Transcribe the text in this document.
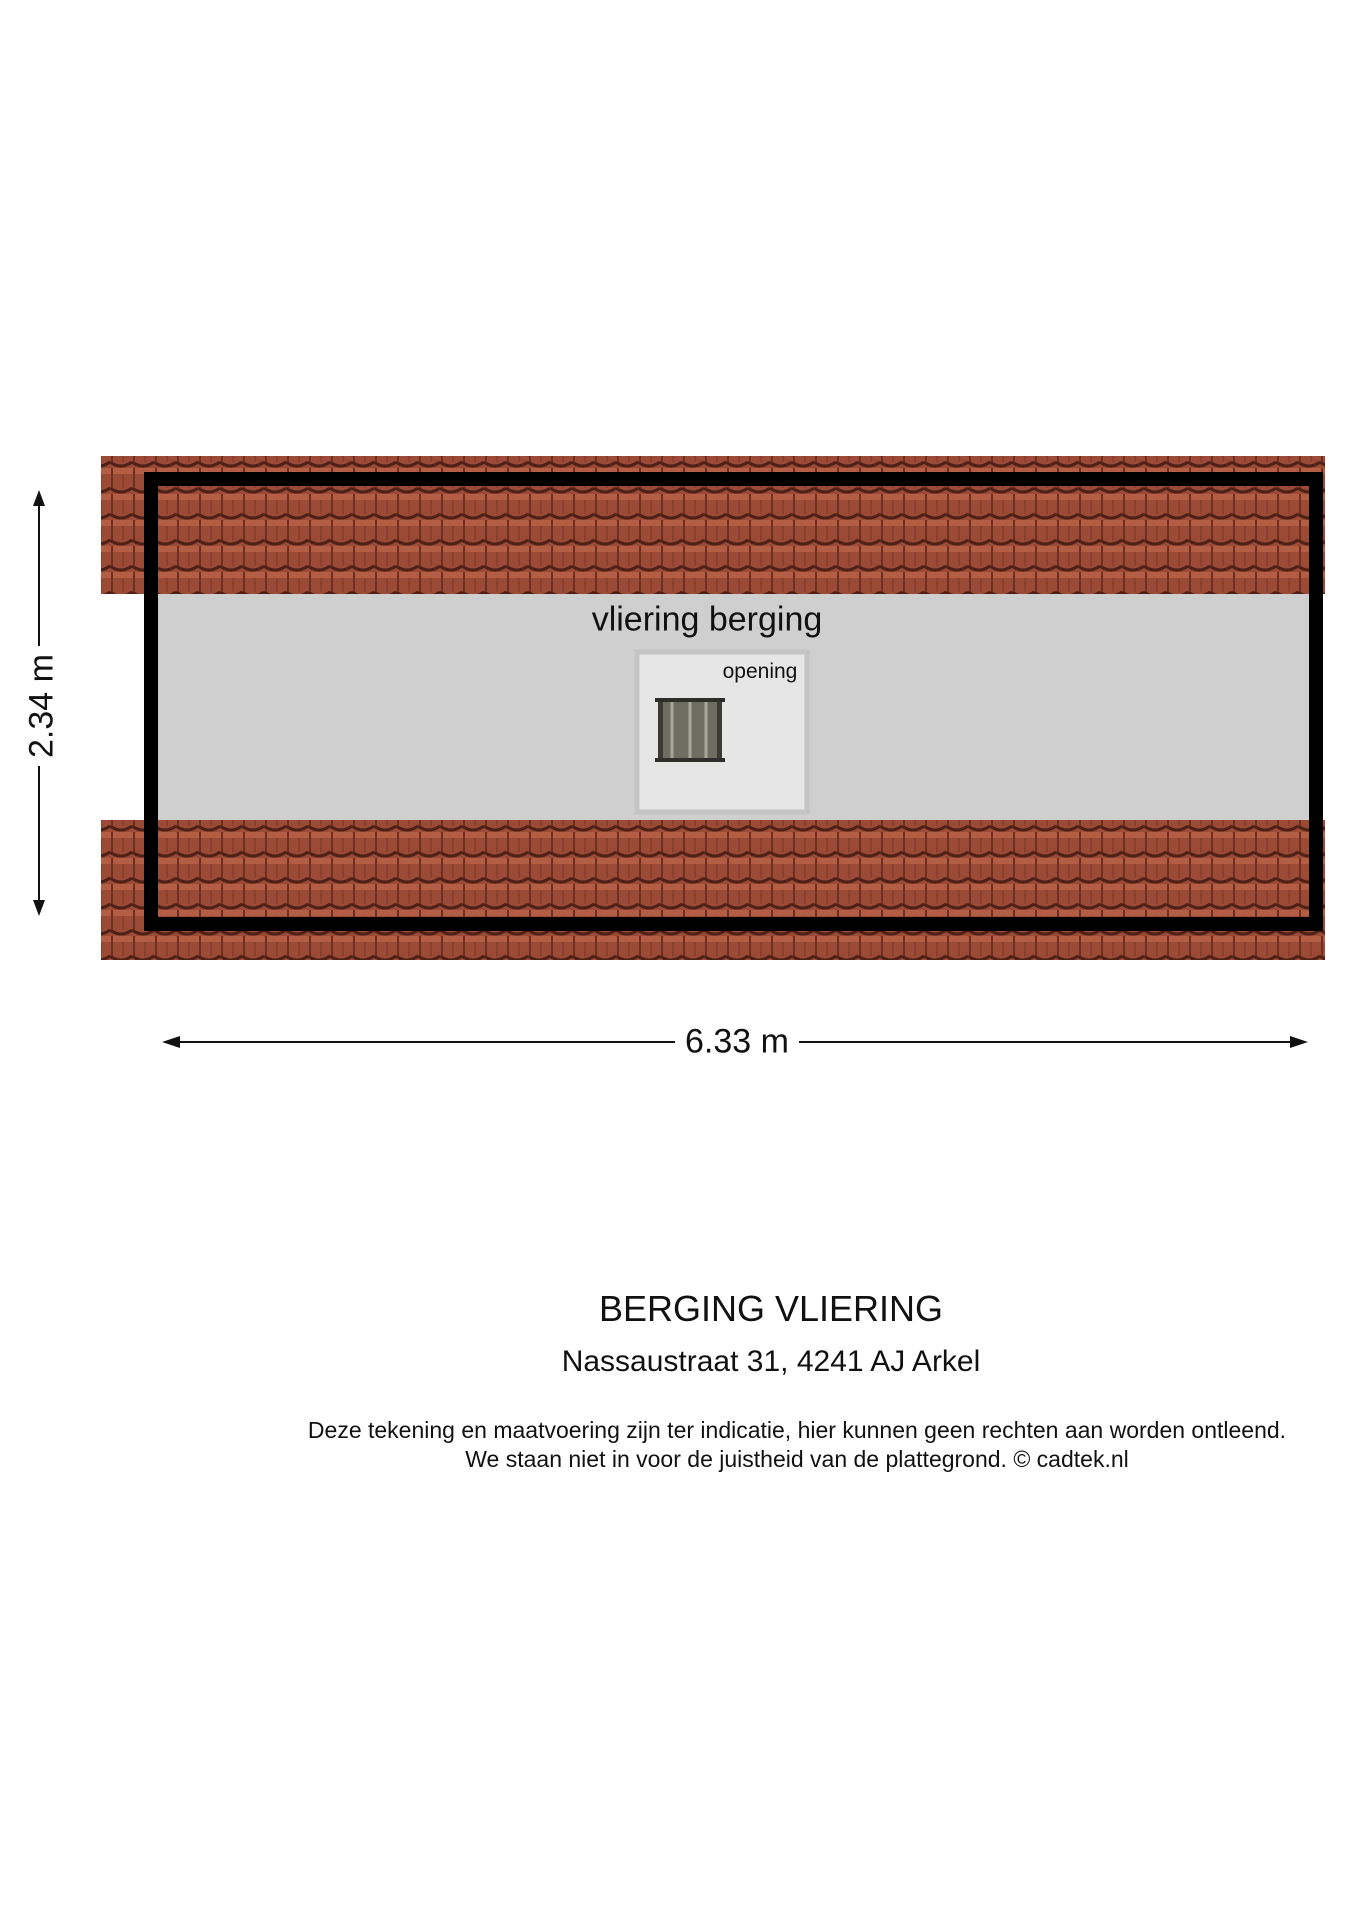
2.34 m
6.33 m
vliering berging
opening
BERGING VLIERING
Nassaustraat 31, 4241 AJ Arkel
Deze tekening en maatvoering zijn ter indicatie, hier kunnen geen rechten aan worden ontleend.
We staan niet in voor de juistheid van de plattegrond. © cadtek.nl
